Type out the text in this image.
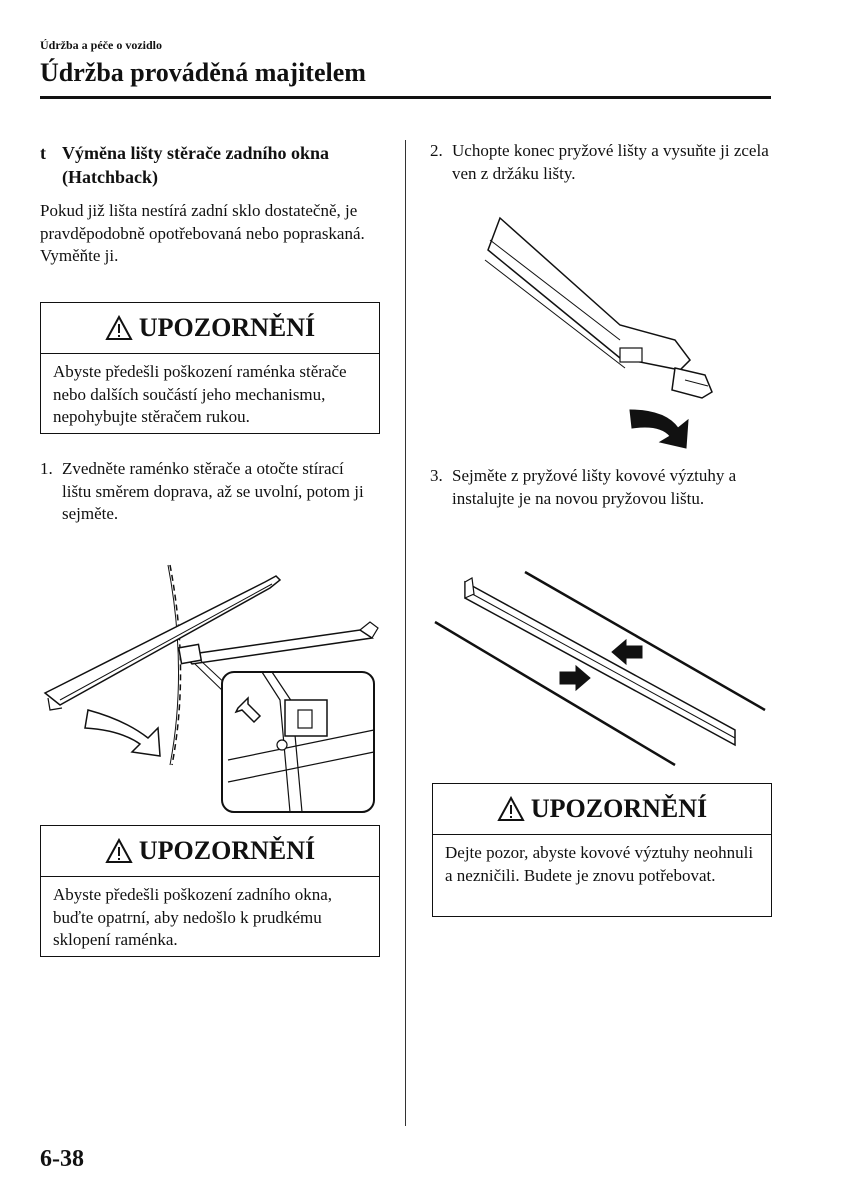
Údržba a péče o vozidlo
Údržba prováděná majitelem
t Výměna lišty stěrače zadního okna (Hatchback)
Pokud již lišta nestírá zadní sklo dostatečně, je pravděpodobně opotřebovaná nebo popraskaná. Vyměňte ji.
UPOZORNĚNÍ
Abyste předešli poškození raménka stěrače nebo dalších součástí jeho mechanismu, nepohybujte stěračem rukou.
1. Zvedněte raménko stěrače a otočte stírací lištu směrem doprava, až se uvolní, potom ji sejměte.
UPOZORNĚNÍ
Abyste předešli poškození zadního okna, buďte opatrní, aby nedošlo k prudkému sklopení raménka.
2. Uchopte konec pryžové lišty a vysuňte ji zcela ven z držáku lišty.
3. Sejměte z pryžové lišty kovové výztuhy a instalujte je na novou pryžovou lištu.
UPOZORNĚNÍ
Dejte pozor, abyste kovové výztuhy neohnuli a nezničili. Budete je znovu potřebovat.
6-38
